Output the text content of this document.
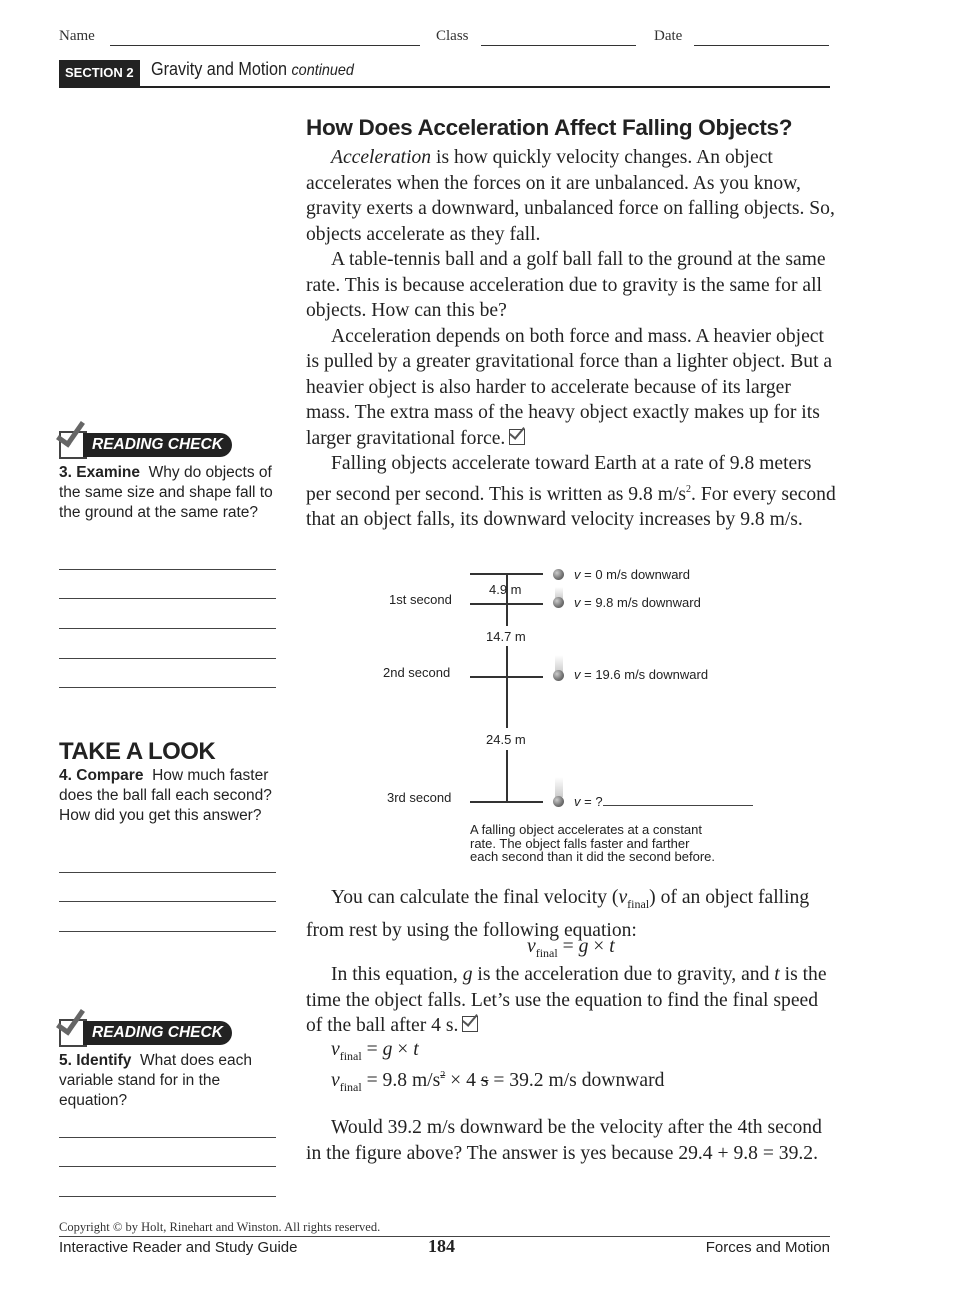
Name	Class	Date
SECTION 2 Gravity and Motion continued
How Does Acceleration Affect Falling Objects?

Acceleration is how quickly velocity changes. An object accelerates when the forces on it are unbalanced. As you know, gravity exerts a downward, unbalanced force on falling objects. So, objects accelerate as they fall.

A table-tennis ball and a golf ball fall to the ground at the same rate. This is because acceleration due to gravity is the same for all objects. How can this be?

Acceleration depends on both force and mass. A heavier object is pulled by a greater gravitational force than a lighter object. But a heavier object is also harder to accelerate because of its larger mass. The extra mass of the heavy object exactly makes up for its larger gravitational force.

Falling objects accelerate toward Earth at a rate of 9.8 meters per second per second. This is written as 9.8 $m/s^2$. For every second that an object falls, its downward velocity increases by 9.8 m/s.

1st second
2nd second
3rd second
4.9 m
14.7 m
24.5 m
v = 0 m/s downward
v = 9.8 m/s downward
v = 19.6 m/s downward
v = ?
A falling object accelerates at a constant rate. The object falls faster and farther each second than it did the second before.

You can calculate the final velocity $(v_{final})$ of an object falling from rest by using the following equation:

$v_{final} = g \times t$

In this equation, g is the acceleration due to gravity, and t is the time the object falls. Let’s use the equation to find the final speed of the ball after 4 s.

$v_{final} = g \times t$
$v_{final} = 9.8$ $m/s^2 \times 4$ s = 39.2 m/s downward

Would 39.2 m/s downward be the velocity after the 4th second in the figure above? The answer is yes because 29.4 + 9.8 = 39.2.

READING CHECK
3. Examine Why do objects of the same size and shape fall to the ground at the same rate?
TAKE A LOOK
4. Compare How much faster does the ball fall each second? How did you get this answer?
READING CHECK
5. Identify What does each variable stand for in the equation?
Copyright © by Holt, Rinehart and Winston. All rights reserved.
Interactive Reader and Study Guide	184	Forces and Motion
